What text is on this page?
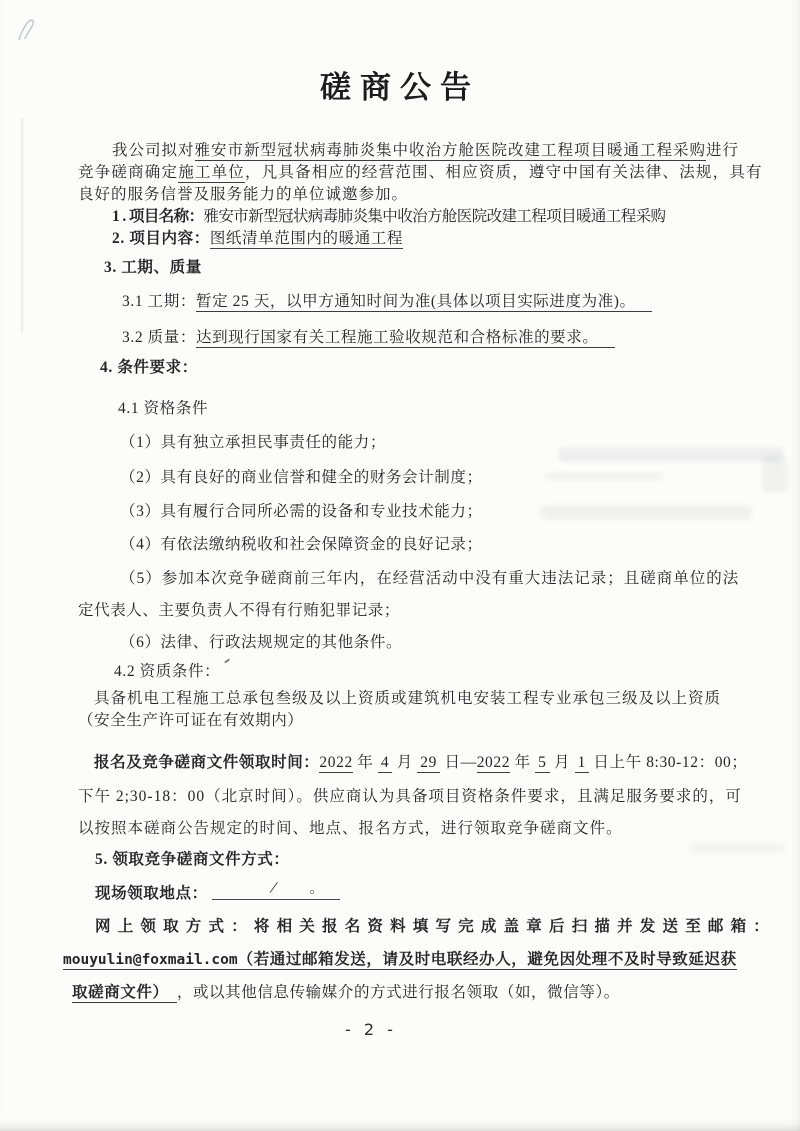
磋商公告
我公司拟对雅安市新型冠状病毒肺炎集中收治方舱医院改建工程项目暖通工程采购进行
竞争磋商确定施工单位，凡具备相应的经营范围、相应资质，遵守中国有关法律、法规，具有
良好的服务信誉及服务能力的单位诚邀参加。
1 . 项目名称：雅安市新型冠状病毒肺炎集中收治方舱医院改建工程项目暖通工程采购
2. 项目内容：图纸清单范围内的暖通工程
3. 工期、质量
3.1 工期：暂定 25 天，以甲方通知时间为准(具体以项目实际进度为准)。
3.2 质量：达到现行国家有关工程施工验收规范和合格标准的要求。
4. 条件要求：
4.1 资格条件
（1）具有独立承担民事责任的能力；
（2）具有良好的商业信誉和健全的财务会计制度；
（3）具有履行合同所必需的设备和专业技术能力；
（4）有依法缴纳税收和社会保障资金的良好记录；
（5）参加本次竞争磋商前三年内，在经营活动中没有重大违法记录；且磋商单位的法
定代表人、主要负责人不得有行贿犯罪记录；
（6）法律、行政法规规定的其他条件。
4.2 资质条件：
具备机电工程施工总承包叁级及以上资质或建筑机电安装工程专业承包三级及以上资质
（安全生产许可证在有效期内）
报名及竞争磋商文件领取时间：2022 年 4 月 29 日—2022 年 5 月 1 日上午 8:30-12：00；
下午 2;30-18：00（北京时间）。供应商认为具备项目资格条件要求，且满足服务要求的，可
以按照本磋商公告规定的时间、地点、报名方式，进行领取竞争磋商文件。
5. 领取竞争磋商文件方式：
现场领取地点：	/ 。
网上领取方式：将相关报名资料填写完成盖章后扫描并发送至邮箱：
mouyulin@foxmail.com（若通过邮箱发送，请及时电联经办人，避免因处理不及时导致延迟获
取磋商文件） ，或以其他信息传输媒介的方式进行报名领取（如，微信等）。
- 2 -
